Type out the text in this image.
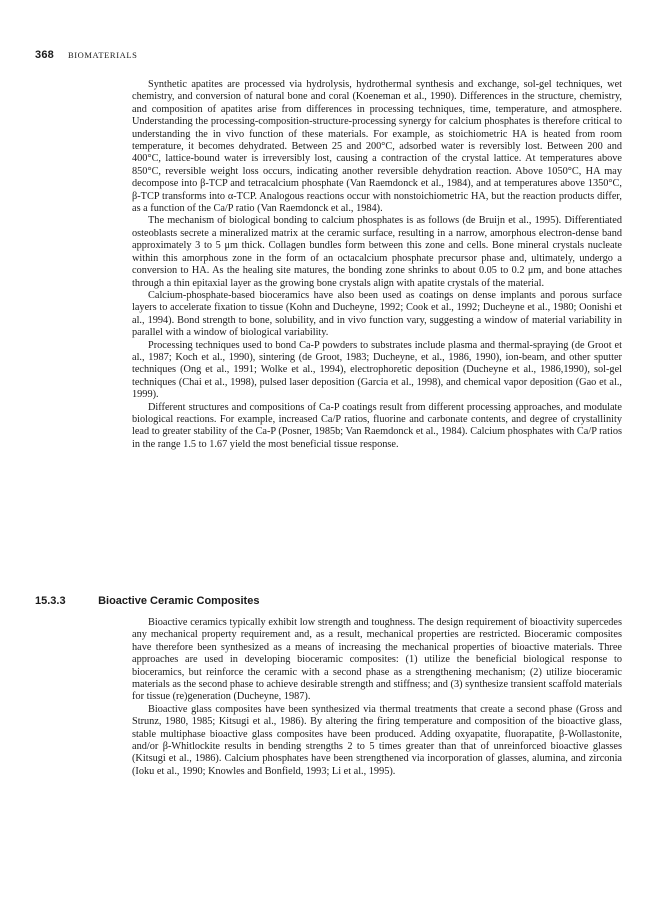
368 BIOMATERIALS

Synthetic apatites are processed via hydrolysis, hydrothermal synthesis and exchange, sol-gel techniques, wet chemistry, and conversion of natural bone and coral (Koeneman et al., 1990). Differences in the structure, chemistry, and composition of apatites arise from differences in processing techniques, time, temperature, and atmosphere. Understanding the processing-composition-structure-processing synergy for calcium phosphates is therefore critical to understanding the in vivo function of these materials. For example, as stoichiometric HA is heated from room temperature, it becomes dehydrated. Between 25 and 200°C, adsorbed water is reversibly lost. Between 200 and 400°C, lattice-bound water is irreversibly lost, causing a contraction of the crystal lattice. At temperatures above 850°C, reversible weight loss occurs, indicating another reversible dehydration reaction. Above 1050°C, HA may decompose into β-TCP and tetracalcium phosphate (Van Raemdonck et al., 1984), and at temperatures above 1350°C, β-TCP transforms into α-TCP. Analogous reactions occur with nonstoichiometric HA, but the reaction products differ, as a function of the Ca/P ratio (Van Raemdonck et al., 1984).

The mechanism of biological bonding to calcium phosphates is as follows (de Bruijn et al., 1995). Differentiated osteoblasts secrete a mineralized matrix at the ceramic surface, resulting in a narrow, amorphous electron-dense band approximately 3 to 5 μm thick. Collagen bundles form between this zone and cells. Bone mineral crystals nucleate within this amorphous zone in the form of an octacalcium phosphate precursor phase and, ultimately, undergo a conversion to HA. As the healing site matures, the bonding zone shrinks to about 0.05 to 0.2 μm, and bone attaches through a thin epitaxial layer as the growing bone crystals align with apatite crystals of the material.

Calcium-phosphate-based bioceramics have also been used as coatings on dense implants and porous surface layers to accelerate fixation to tissue (Kohn and Ducheyne, 1992; Cook et al., 1992; Ducheyne et al., 1980; Oonishi et al., 1994). Bond strength to bone, solubility, and in vivo function vary, suggesting a window of material variability in parallel with a window of biological variability.

Processing techniques used to bond Ca-P powders to substrates include plasma and thermal-spraying (de Groot et al., 1987; Koch et al., 1990), sintering (de Groot, 1983; Ducheyne, et al., 1986, 1990), ion-beam, and other sputter techniques (Ong et al., 1991; Wolke et al., 1994), electrophoretic deposition (Ducheyne et al., 1986,1990), sol-gel techniques (Chai et al., 1998), pulsed laser deposition (Garcia et al., 1998), and chemical vapor deposition (Gao et al., 1999).

Different structures and compositions of Ca-P coatings result from different processing approaches, and modulate biological reactions. For example, increased Ca/P ratios, fluorine and carbonate contents, and degree of crystallinity lead to greater stability of the Ca-P (Posner, 1985b; Van Raemdonck et al., 1984). Calcium phosphates with Ca/P ratios in the range 1.5 to 1.67 yield the most beneficial tissue response.

15.3.3	Bioactive Ceramic Composites

Bioactive ceramics typically exhibit low strength and toughness. The design requirement of bioactivity supercedes any mechanical property requirement and, as a result, mechanical properties are restricted. Bioceramic composites have therefore been synthesized as a means of increasing the mechanical properties of bioactive materials. Three approaches are used in developing bioceramic composites: (1) utilize the beneficial biological response to bioceramics, but reinforce the ceramic with a second phase as a strengthening mechanism; (2) utilize bioceramic materials as the second phase to achieve desirable strength and stiffness; and (3) synthesize transient scaffold materials for tissue (re)generation (Ducheyne, 1987).

Bioactive glass composites have been synthesized via thermal treatments that create a second phase (Gross and Strunz, 1980, 1985; Kitsugi et al., 1986). By altering the firing temperature and composition of the bioactive glass, stable multiphase bioactive glass composites have been produced. Adding oxyapatite, fluorapatite, β-Wollastonite, and/or β-Whitlockite results in bending strengths 2 to 5 times greater than that of unreinforced bioactive glasses (Kitsugi et al., 1986). Calcium phosphates have been strengthened via incorporation of glasses, alumina, and zirconia (Ioku et al., 1990; Knowles and Bonfield, 1993; Li et al., 1995).
